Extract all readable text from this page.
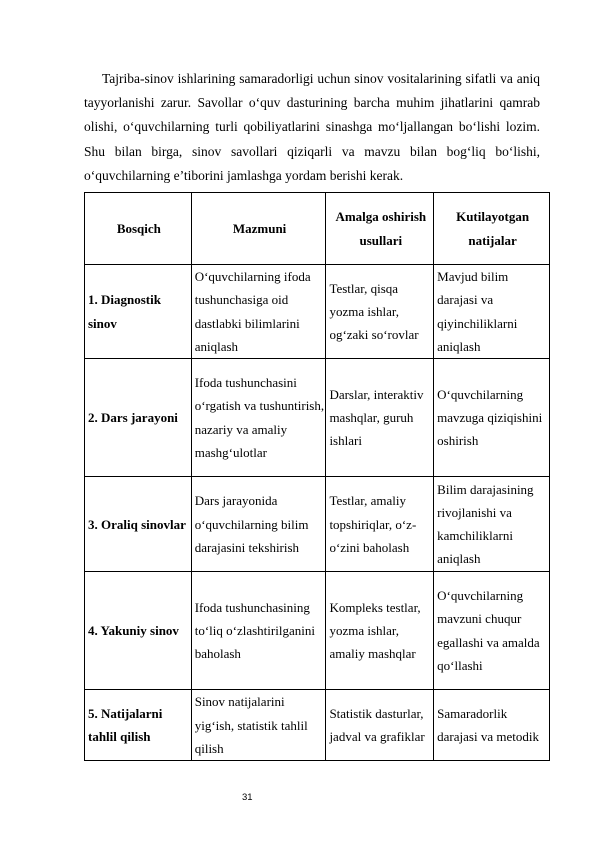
Tajriba-sinov ishlarining samaradorligi uchun sinov vositalarining sifatli va aniq tayyorlanishi zarur. Savollar o‘quv dasturining barcha muhim jihatlarini qamrab olishi, o‘quvchilarning turli qobiliyatlarini sinashga mo‘ljallangan bo‘lishi lozim. Shu bilan birga, sinov savollari qiziqarli va mavzu bilan bog‘liq bo‘lishi, o‘quvchilarning e’tiborini jamlashga yordam berishi kerak.

Bosqich	Mazmuni	Amalga oshirish usullari	Kutilayotgan natijalar
1. Diagnostik sinov	O‘quvchilarning ifoda tushunchasiga oid dastlabki bilimlarini aniqlash	Testlar, qisqa yozma ishlar, og‘zaki so‘rovlar	Mavjud bilim darajasi va qiyinchiliklarni aniqlash
2. Dars jarayoni	Ifoda tushunchasini o‘rgatish va tushuntirish, nazariy va amaliy mashg‘ulotlar	Darslar, interaktiv mashqlar, guruh ishlari	O‘quvchilarning mavzuga qiziqishini oshirish
3. Oraliq sinovlar	Dars jarayonida o‘quvchilarning bilim darajasini tekshirish	Testlar, amaliy topshiriqlar, o‘z-o‘zini baholash	Bilim darajasining rivojlanishi va kamchiliklarni aniqlash
4. Yakuniy sinov	Ifoda tushunchasining to‘liq o‘zlashtirilganini baholash	Kompleks testlar, yozma ishlar, amaliy mashqlar	O‘quvchilarning mavzuni chuqur egallashi va amalda qo‘llashi
5. Natijalarni tahlil qilish	Sinov natijalarini yig‘ish, statistik tahlil qilish	Statistik dasturlar, jadval va grafiklar	Samaradorlik darajasi va metodik
31
